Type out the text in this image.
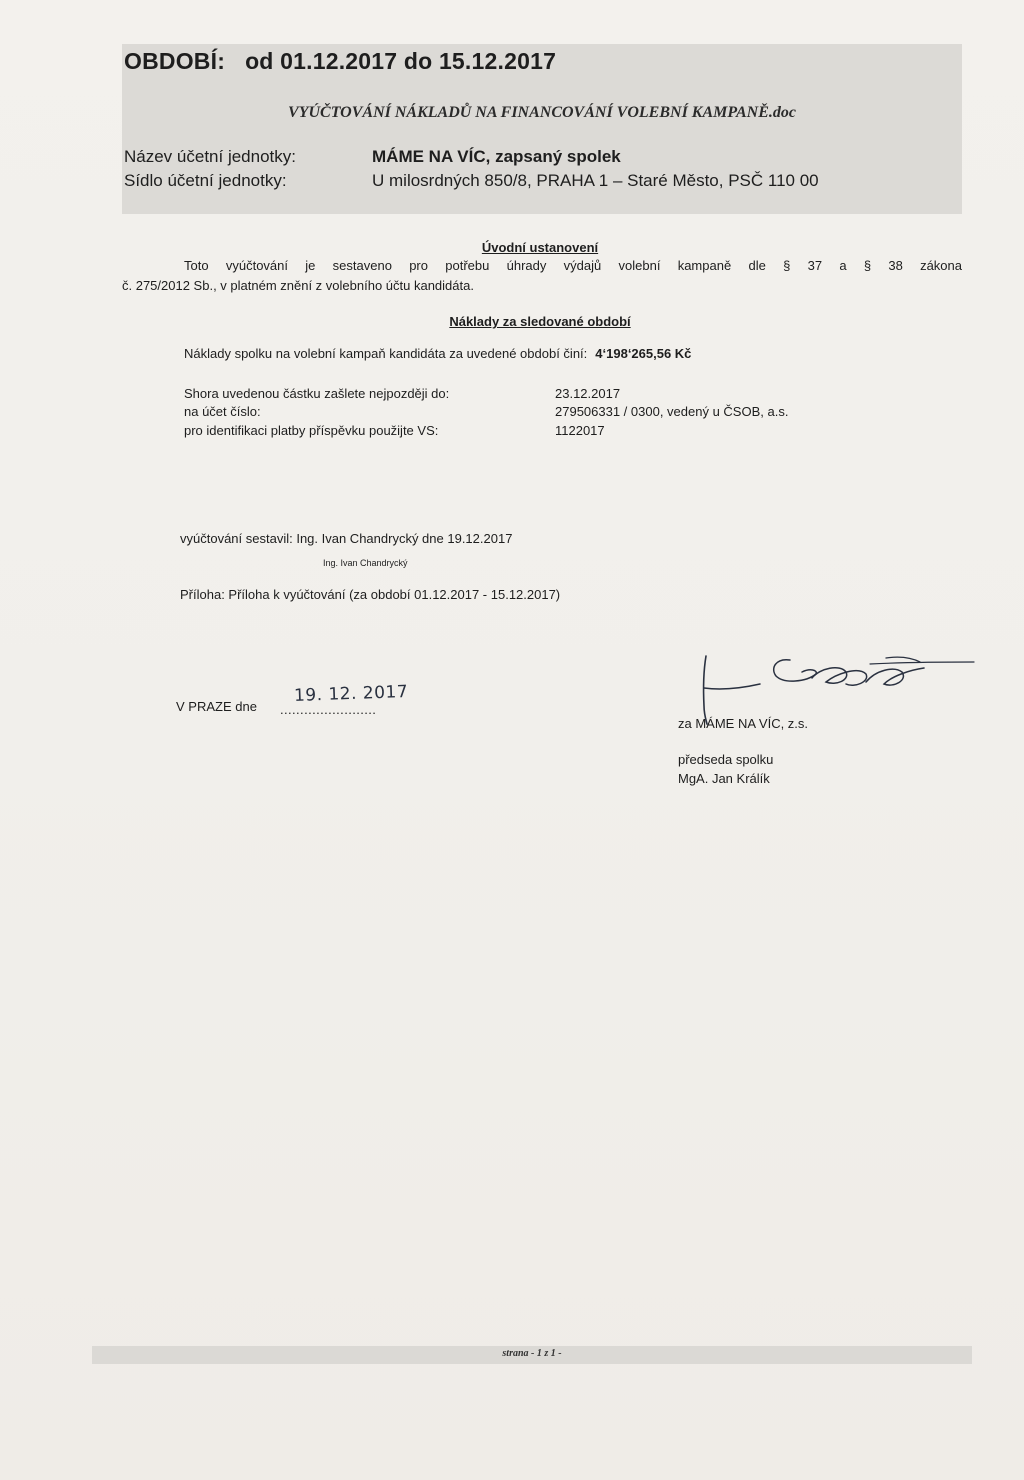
OBDOBÍ: od 01.12.2017 do 15.12.2017
VYÚČTOVÁNÍ NÁKLADŮ NA FINANCOVÁNÍ VOLEBNÍ KAMPANĚ.doc
Název účetní jednotky:	MÁME NA VÍC, zapsaný spolek
Sídlo účetní jednotky:	U milosrdných 850/8, PRAHA 1 – Staré Město, PSČ 110 00
Úvodní ustanovení
Toto vyúčtování je sestaveno pro potřebu úhrady výdajů volební kampaně dle § 37 a § 38 zákona
č. 275/2012 Sb., v platném znění z volebního účtu kandidáta.
Náklady za sledované období
Náklady spolku na volební kampaň kandidáta za uvedené období činí: 4‘198‘265,56 Kč
Shora uvedenou částku zašlete nejpozději do:	23.12.2017
na účet číslo:	279506331 / 0300, vedený u ČSOB, a.s.
pro identifikaci platby příspěvku použijte VS:	1122017
vyúčtování sestavil: Ing. Ivan Chandrycký dne 19.12.2017
Ing. Ivan Chandrycký
Příloha: Příloha k vyúčtování (za období 01.12.2017 - 15.12.2017)
V PRAZE dne ........................
19. 12. 2017
za MÁME NA VÍC, z.s.
předseda spolku
MgA. Jan Králík
strana - 1 z 1 -
